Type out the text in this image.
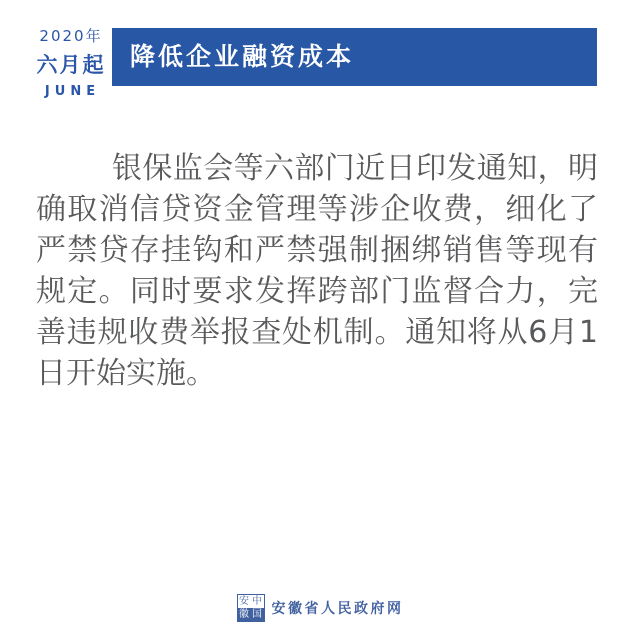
2020年
六月起
JUNE
降低企业融资成本

银保监会等六部门近日印发通知，明

确取消信贷资金管理等涉企收费，细化了

严禁贷存挂钩和严禁强制捆绑销售等现有

规定。同时要求发挥跨部门监督合力，完

善违规收费举报查处机制。通知将从6月1

日开始实施。

安 中
徽 国 安徽省人民政府网
